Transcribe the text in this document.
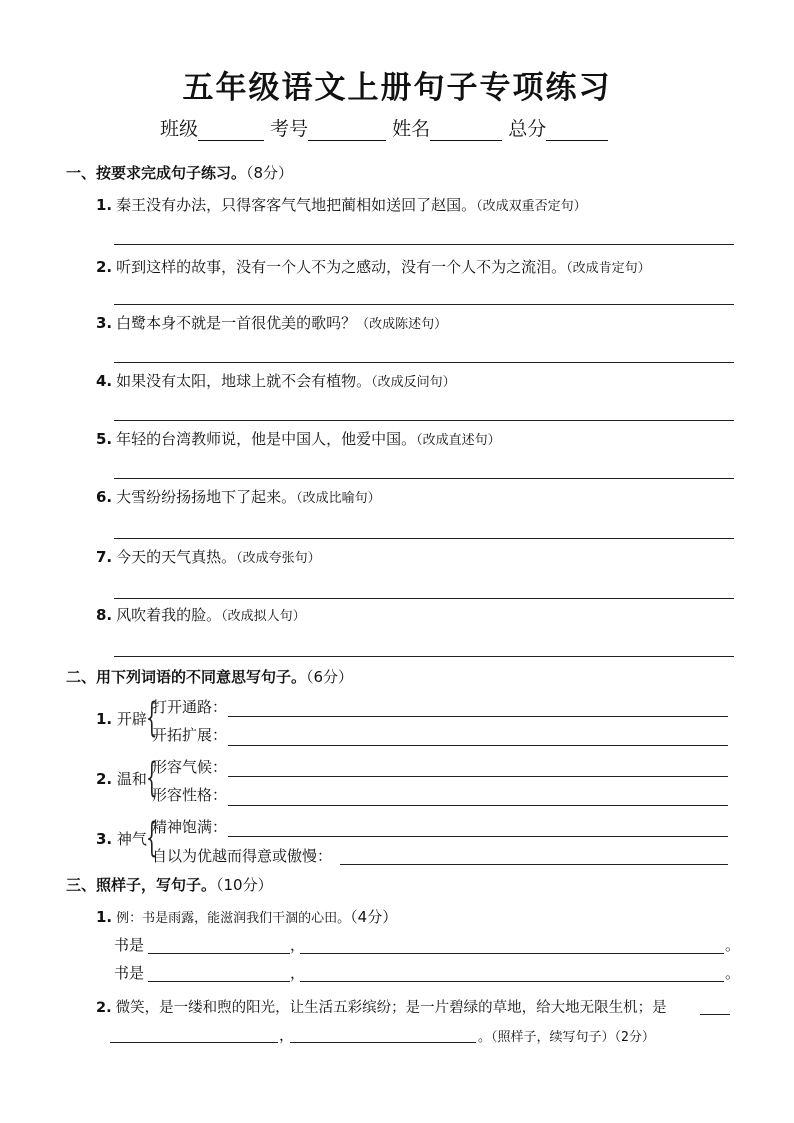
五年级语文上册句子专项练习
班级	考号	姓名	总分
一、按要求完成句子练习。（8分）
1. 秦王没有办法，只得客客气气地把蔺相如送回了赵国。（改成双重否定句）
2. 听到这样的故事，没有一个人不为之感动，没有一个人不为之流泪。（改成肯定句）
3. 白鹭本身不就是一首很优美的歌吗？（改成陈述句）
4. 如果没有太阳，地球上就不会有植物。（改成反问句）
5. 年轻的台湾教师说，他是中国人，他爱中国。（改成直述句）
6. 大雪纷纷扬扬地下了起来。（改成比喻句）
7. 今天的天气真热。（改成夸张句）
8. 风吹着我的脸。（改成拟人句）
二、用下列词语的不同意思写句子。（6分）
1. 开辟 {
打开通路：
开拓扩展：
2. 温和 {
形容气候：
形容性格：
3. 神气 {
精神饱满：
自以为优越而得意或傲慢：
三、照样子，写句子。（10分）
1. 例：书是雨露，能滋润我们干涸的心田。（4分）
书是	，	。
书是	，	。
2. 微笑，是一缕和煦的阳光，让生活五彩缤纷；是一片碧绿的草地，给大地无限生机；是
，	。（照样子，续写句子）（2分）
